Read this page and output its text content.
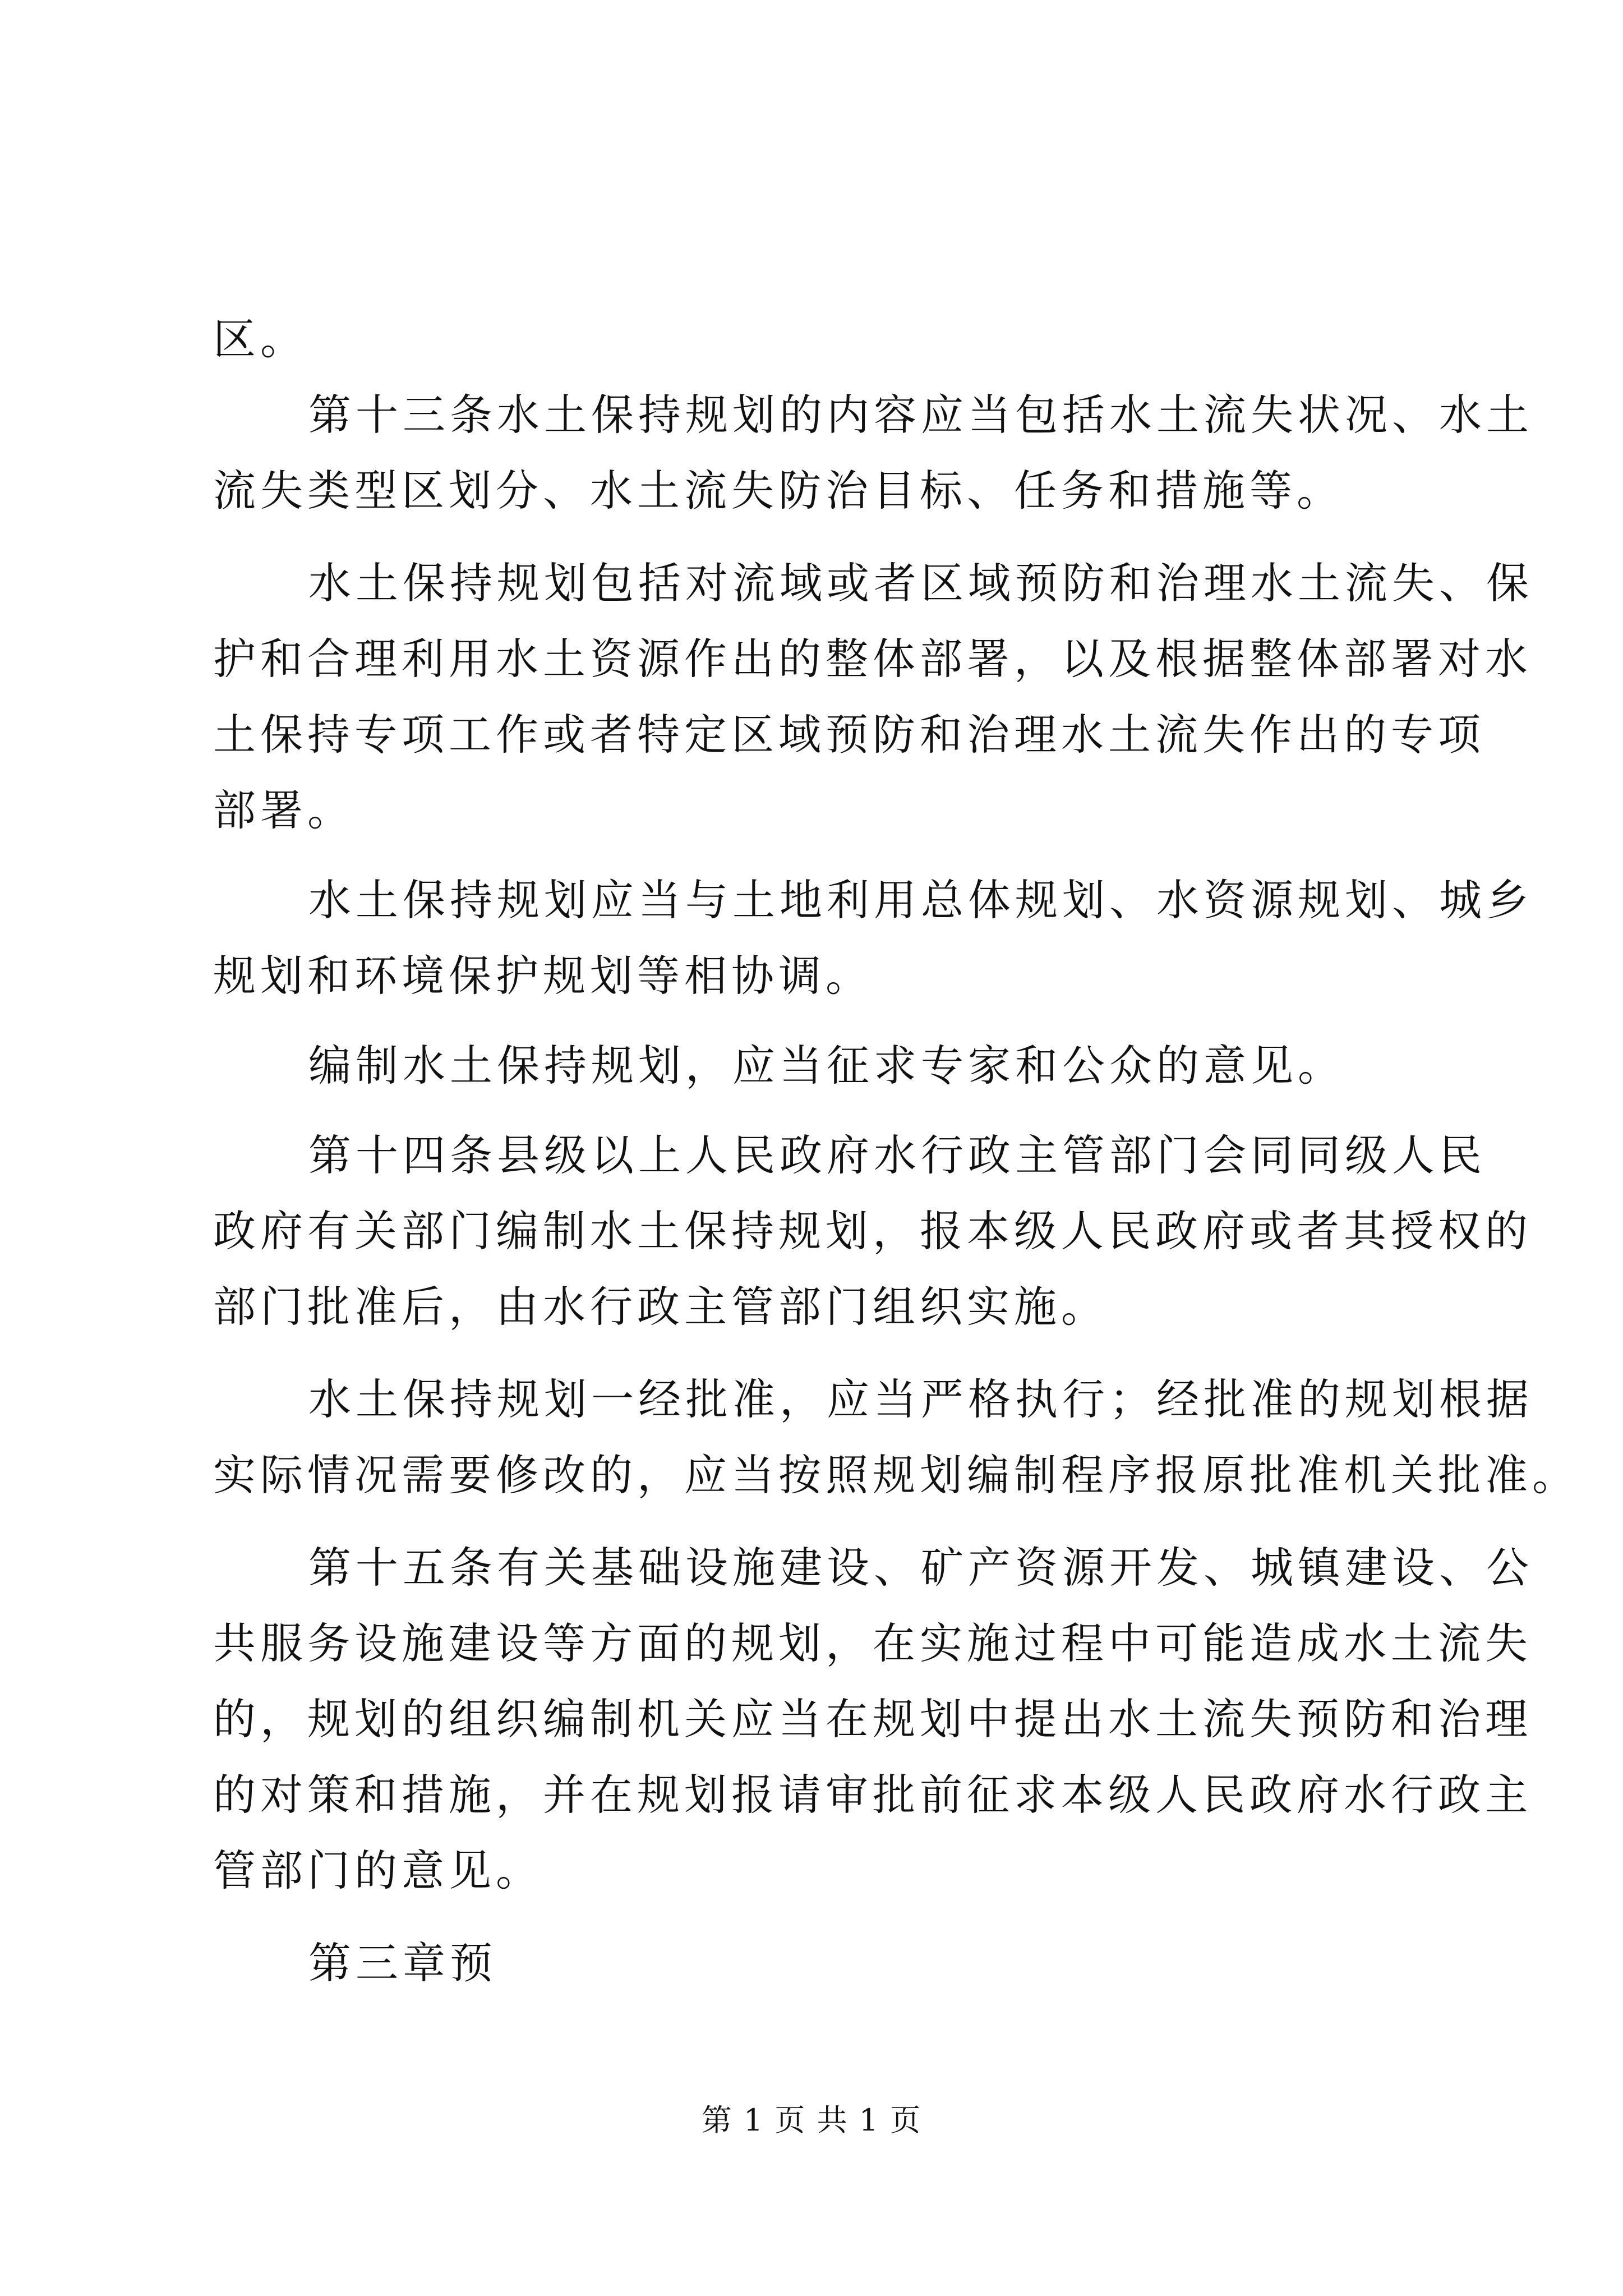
区。
第十三条水土保持规划的内容应当包括水土流失状况、水土
流失类型区划分、水土流失防治目标、任务和措施等。
水土保持规划包括对流域或者区域预防和治理水土流失、保
护和合理利用水土资源作出的整体部署，以及根据整体部署对水
土保持专项工作或者特定区域预防和治理水土流失作出的专项
部署。
水土保持规划应当与土地利用总体规划、水资源规划、城乡
规划和环境保护规划等相协调。
编制水土保持规划，应当征求专家和公众的意见。
第十四条县级以上人民政府水行政主管部门会同同级人民
政府有关部门编制水土保持规划，报本级人民政府或者其授权的
部门批准后，由水行政主管部门组织实施。
水土保持规划一经批准，应当严格执行；经批准的规划根据
实际情况需要修改的，应当按照规划编制程序报原批准机关批准。
第十五条有关基础设施建设、矿产资源开发、城镇建设、公
共服务设施建设等方面的规划，在实施过程中可能造成水土流失
的，规划的组织编制机关应当在规划中提出水土流失预防和治理
的对策和措施，并在规划报请审批前征求本级人民政府水行政主
管部门的意见。
第三章预
第 1 页 共 1 页
